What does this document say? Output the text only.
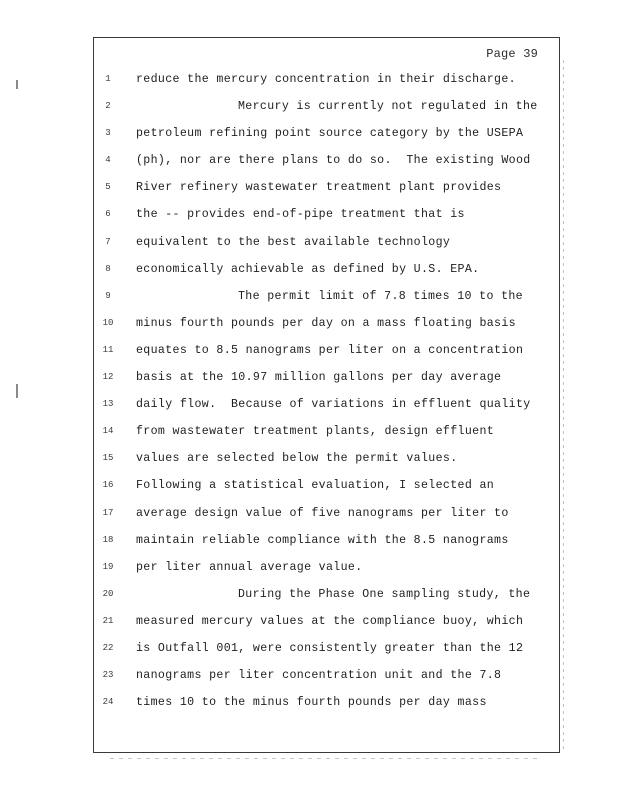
Page 39
1	reduce the mercury concentration in their discharge.
2	Mercury is currently not regulated in the
3	petroleum refining point source category by the USEPA
4	(ph), nor are there plans to do so.  The existing Wood
5	River refinery wastewater treatment plant provides
6	the -- provides end-of-pipe treatment that is
7	equivalent to the best available technology
8	economically achievable as defined by U.S. EPA.
9	The permit limit of 7.8 times 10 to the
10	minus fourth pounds per day on a mass floating basis
11	equates to 8.5 nanograms per liter on a concentration
12	basis at the 10.97 million gallons per day average
13	daily flow.  Because of variations in effluent quality
14	from wastewater treatment plants, design effluent
15	values are selected below the permit values.
16	Following a statistical evaluation, I selected an
17	average design value of five nanograms per liter to
18	maintain reliable compliance with the 8.5 nanograms
19	per liter annual average value.
20	During the Phase One sampling study, the
21	measured mercury values at the compliance buoy, which
22	is Outfall 001, were consistently greater than the 12
23	nanograms per liter concentration unit and the 7.8
24	times 10 to the minus fourth pounds per day mass
